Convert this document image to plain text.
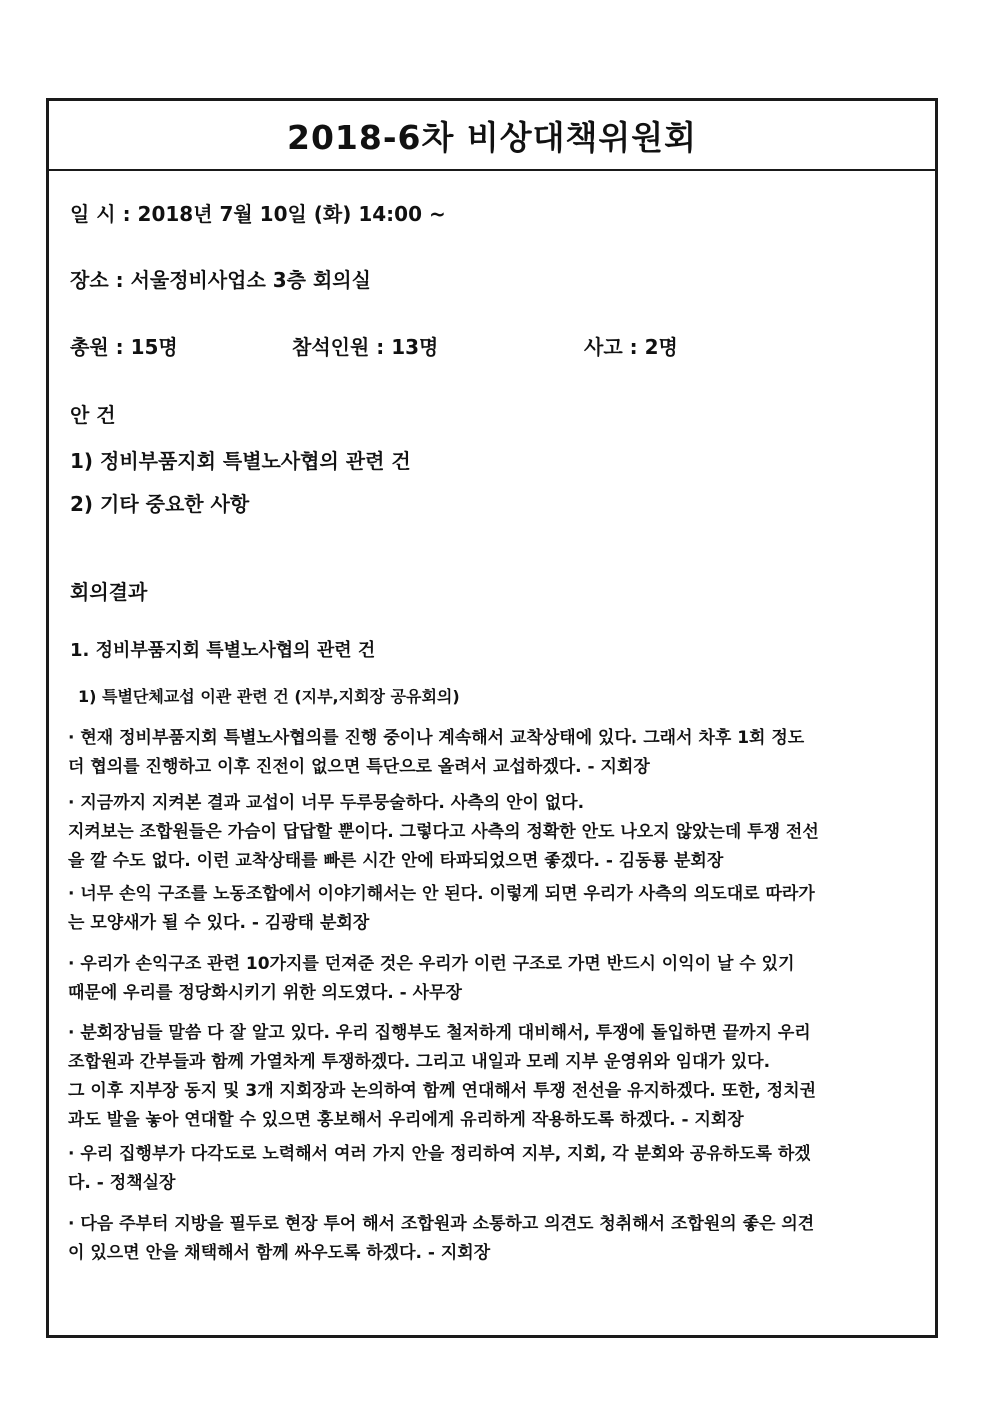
2018-6차 비상대책위원회
일 시 : 2018년 7월 10일 (화) 14:00 ~
장소 : 서울정비사업소 3층 회의실
총원 : 15명	참석인원 : 13명	사고 : 2명
안 건
1) 정비부품지회 특별노사협의 관련 건
2) 기타 중요한 사항
회의결과
1. 정비부품지회 특별노사협의 관련 건
1) 특별단체교섭 이관 관련 건 (지부,지회장 공유회의)
· 현재 정비부품지회 특별노사협의를 진행 중이나 계속해서 교착상태에 있다. 그래서 차후 1회 정도
더 협의를 진행하고 이후 진전이 없으면 특단으로 올려서 교섭하겠다. - 지회장
· 지금까지 지켜본 결과 교섭이 너무 두루뭉술하다. 사측의 안이 없다.
지켜보는 조합원들은 가슴이 답답할 뿐이다. 그렇다고 사측의 정확한 안도 나오지 않았는데 투쟁 전선
을 깔 수도 없다. 이런 교착상태를 빠른 시간 안에 타파되었으면 좋겠다. - 김동룡 분회장
· 너무 손익 구조를 노동조합에서 이야기해서는 안 된다. 이렇게 되면 우리가 사측의 의도대로 따라가
는 모양새가 될 수 있다. - 김광태 분회장
· 우리가 손익구조 관련 10가지를 던져준 것은 우리가 이런 구조로 가면 반드시 이익이 날 수 있기
때문에 우리를 정당화시키기 위한 의도였다. - 사무장
· 분회장님들 말씀 다 잘 알고 있다. 우리 집행부도 철저하게 대비해서, 투쟁에 돌입하면 끝까지 우리
조합원과 간부들과 함께 가열차게 투쟁하겠다. 그리고 내일과 모레 지부 운영위와 임대가 있다.
그 이후 지부장 동지 및 3개 지회장과 논의하여 함께 연대해서 투쟁 전선을 유지하겠다. 또한, 정치권
과도 발을 놓아 연대할 수 있으면 홍보해서 우리에게 유리하게 작용하도록 하겠다. - 지회장
· 우리 집행부가 다각도로 노력해서 여러 가지 안을 정리하여 지부, 지회, 각 분회와 공유하도록 하겠
다. - 정책실장
· 다음 주부터 지방을 필두로 현장 투어 해서 조합원과 소통하고 의견도 청취해서 조합원의 좋은 의견
이 있으면 안을 채택해서 함께 싸우도록 하겠다. - 지회장
